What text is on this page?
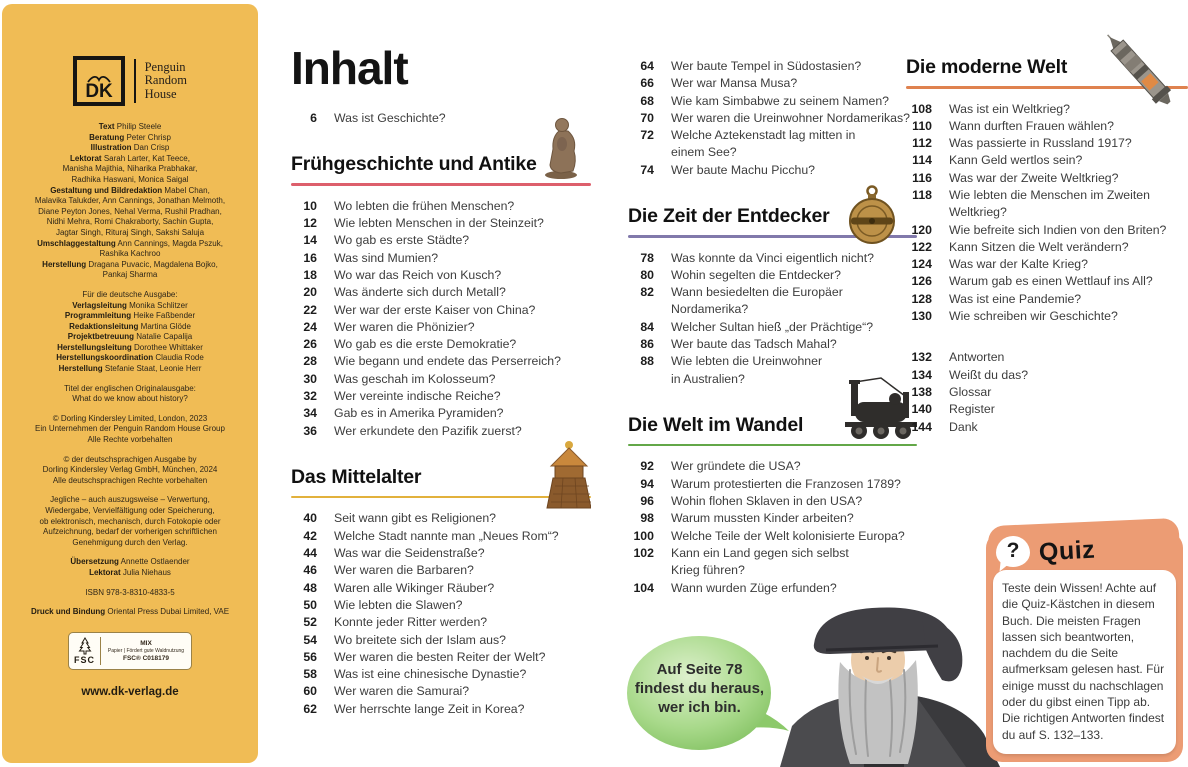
DK
Penguin
Random
House
Text Philip Steele
Beratung Peter Chrisp
Illustration Dan Crisp
Lektorat Sarah Larter, Kat Teece,
Manisha Majithia, Niharika Prabhakar,
Radhika Haswani, Monica Saigal
Gestaltung und Bildredaktion Mabel Chan,
Malavika Talukder, Ann Cannings, Jonathan Melmoth,
Diane Peyton Jones, Nehal Verma, Rushil Pradhan,
Nidhi Mehra, Romi Chakraborty, Sachin Gupta,
Jagtar Singh, Rituraj Singh, Sakshi Saluja
Umschlaggestaltung Ann Cannings, Magda Pszuk,
Rashika Kachroo
Herstellung Dragana Puvacic, Magdalena Bojko,
Pankaj Sharma
Für die deutsche Ausgabe:
Verlagsleitung Monika Schlitzer
Programmleitung Heike Faßbender
Redaktionsleitung Martina Glöde
Projektbetreuung Natalie Capalija
Herstellungsleitung Dorothee Whittaker
Herstellungskoordination Claudia Rode
Herstellung Stefanie Staat, Leonie Herr
Titel der englischen Originalausgabe:
What do we know about history?
© Dorling Kindersley Limited, London, 2023
Ein Unternehmen der Penguin Random House Group
Alle Rechte vorbehalten
© der deutschsprachigen Ausgabe by
Dorling Kindersley Verlag GmbH, München, 2024
Alle deutschsprachigen Rechte vorbehalten
Jegliche – auch auszugsweise – Verwertung,
Wiedergabe, Vervielfältigung oder Speicherung,
ob elektronisch, mechanisch, durch Fotokopie oder
Aufzeichnung, bedarf der vorherigen schriftlichen
Genehmigung durch den Verlag.
Übersetzung Annette Ostlaender
Lektorat Julia Niehaus
ISBN 978-3-8310-4833-5
Druck und Bindung Oriental Press Dubai Limited, VAE
FSC
MIX
Papier | Fördert gute Waldnutzung
FSC® C018179
www.dk-verlag.de
Inhalt
6 Was ist Geschichte?
Frühgeschichte und Antike
10 Wo lebten die frühen Menschen?
12 Wie lebten Menschen in der Steinzeit?
14 Wo gab es erste Städte?
16 Was sind Mumien?
18 Wo war das Reich von Kusch?
20 Was änderte sich durch Metall?
22 Wer war der erste Kaiser von China?
24 Wer waren die Phönizier?
26 Wo gab es die erste Demokratie?
28 Wie begann und endete das Perserreich?
30 Was geschah im Kolosseum?
32 Wer vereinte indische Reiche?
34 Gab es in Amerika Pyramiden?
36 Wer erkundete den Pazifik zuerst?
Das Mittelalter
40 Seit wann gibt es Religionen?
42 Welche Stadt nannte man „Neues Rom“?
44 Was war die Seidenstraße?
46 Wer waren die Barbaren?
48 Waren alle Wikinger Räuber?
50 Wie lebten die Slawen?
52 Konnte jeder Ritter werden?
54 Wo breitete sich der Islam aus?
56 Wer waren die besten Reiter der Welt?
58 Was ist eine chinesische Dynastie?
60 Wer waren die Samurai?
62 Wer herrschte lange Zeit in Korea?
64 Wer baute Tempel in Südostasien?
66 Wer war Mansa Musa?
68 Wie kam Simbabwe zu seinem Namen?
70 Wer waren die Ureinwohner Nordamerikas?
72 Welche Aztekenstadt lag mitten in
einem See?
74 Wer baute Machu Picchu?
Die Zeit der Entdecker
78 Was konnte da Vinci eigentlich nicht?
80 Wohin segelten die Entdecker?
82 Wann besiedelten die Europäer
Nordamerika?
84 Welcher Sultan hieß „der Prächtige“?
86 Wer baute das Tadsch Mahal?
88 Wie lebten die Ureinwohner
in Australien?
Die Welt im Wandel
92 Wer gründete die USA?
94 Warum protestierten die Franzosen 1789?
96 Wohin flohen Sklaven in den USA?
98 Warum mussten Kinder arbeiten?
100 Welche Teile der Welt kolonisierte Europa?
102 Kann ein Land gegen sich selbst
Krieg führen?
104 Wann wurden Züge erfunden?
Die moderne Welt
108 Was ist ein Weltkrieg?
110 Wann durften Frauen wählen?
112 Was passierte in Russland 1917?
114 Kann Geld wertlos sein?
116 Was war der Zweite Weltkrieg?
118 Wie lebten die Menschen im Zweiten
Weltkrieg?
120 Wie befreite sich Indien von den Briten?
122 Kann Sitzen die Welt verändern?
124 Was war der Kalte Krieg?
126 Warum gab es einen Wettlauf ins All?
128 Was ist eine Pandemie?
130 Wie schreiben wir Geschichte?
132 Antworten
134 Weißt du das?
138 Glossar
140 Register
144 Dank
Auf Seite 78
findest du heraus,
wer ich bin.
? Quiz
Teste dein Wissen! Achte auf die Quiz-Kästchen in diesem Buch. Die meisten Fragen lassen sich beantworten, nachdem du die Seite aufmerksam gelesen hast. Für einige musst du nachschlagen oder du gibst einen Tipp ab. Die richtigen Antworten findest du auf S. 132–133.
